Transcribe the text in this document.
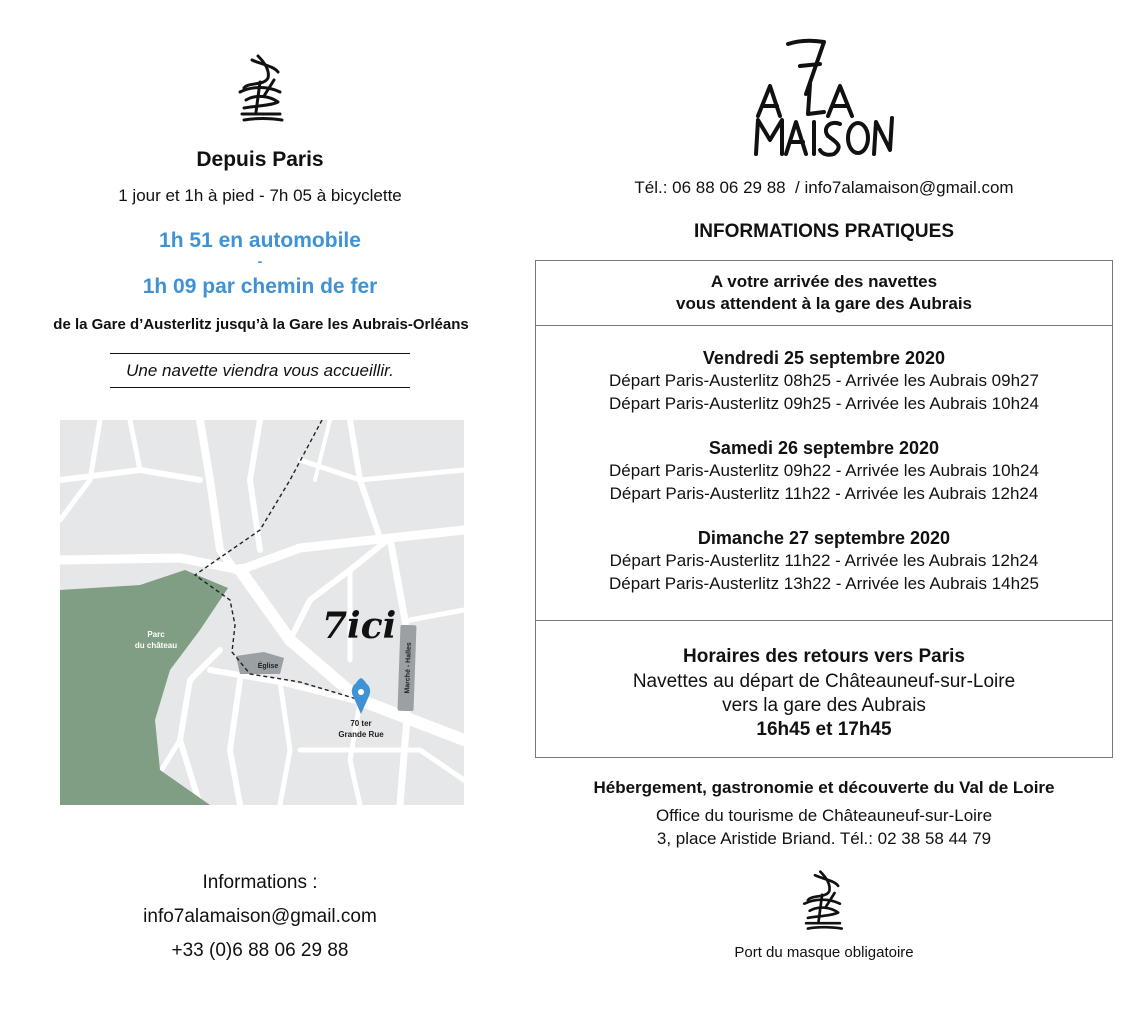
Depuis Paris
1 jour et 1h à pied - 7h 05 à bicyclette
1h 51 en automobile
-
1h 09 par chemin de fer
de la Gare d’Austerlitz jusqu’à la Gare les Aubrais-Orléans
Une navette viendra vous accueillir.
Parc
du château
Église	Marché - Halles
7ici
70 ter
Grande Rue
Informations :
info7alamaison@gmail.com
+33 (0)6 88 06 29 88
Tél.: 06 88 06 29 88  / info7alamaison@gmail.com
INFORMATIONS PRATIQUES
A votre arrivée des navettes
vous attendent à la gare des Aubrais
Vendredi 25 septembre 2020
Départ Paris-Austerlitz 08h25 - Arrivée les Aubrais 09h27
Départ Paris-Austerlitz 09h25 - Arrivée les Aubrais 10h24
Samedi 26 septembre 2020
Départ Paris-Austerlitz 09h22 - Arrivée les Aubrais 10h24
Départ Paris-Austerlitz 11h22 - Arrivée les Aubrais 12h24
Dimanche 27 septembre 2020
Départ Paris-Austerlitz 11h22 - Arrivée les Aubrais 12h24
Départ Paris-Austerlitz 13h22 - Arrivée les Aubrais 14h25
Horaires des retours vers Paris
Navettes au départ de Châteauneuf-sur-Loire
vers la gare des Aubrais
16h45 et 17h45
Hébergement, gastronomie et découverte du Val de Loire
Office du tourisme de Châteauneuf-sur-Loire
3, place Aristide Briand. Tél.: 02 38 58 44 79
Port du masque obligatoire
